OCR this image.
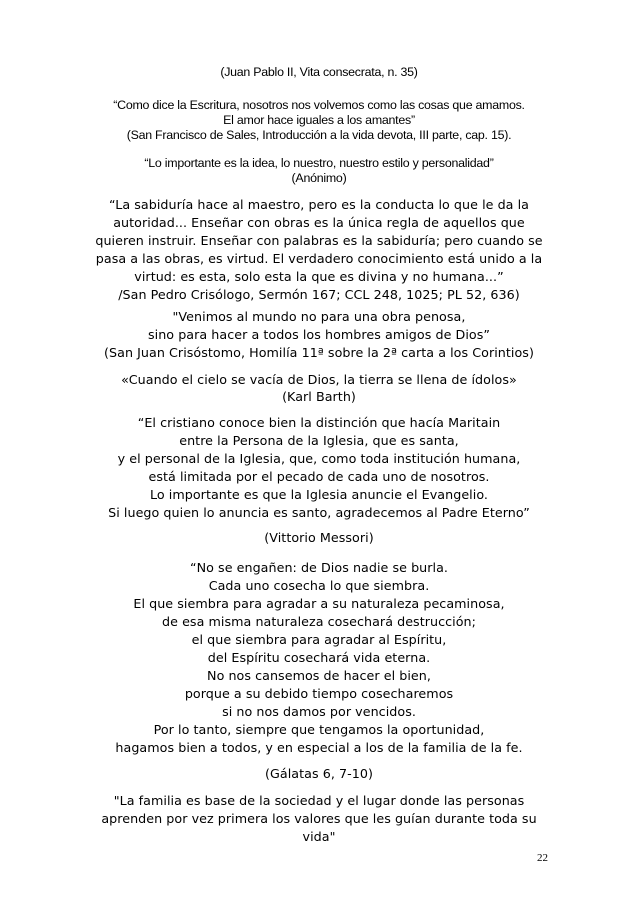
(Juan Pablo II, Vita consecrata, n. 35)
“Como dice la Escritura, nosotros nos volvemos como las cosas que amamos.
El amor hace iguales a los amantes”
(San Francisco de Sales, Introducción a la vida devota, III parte, cap. 15).
“Lo importante es la idea, lo nuestro, nuestro estilo y personalidad”
(Anónimo)
“La sabiduría hace al maestro, pero es la conducta lo que le da la
autoridad... Enseñar con obras es la única regla de aquellos que
quieren instruir. Enseñar con palabras es la sabiduría; pero cuando se
pasa a las obras, es virtud. El verdadero conocimiento está unido a la
virtud: es esta, solo esta la que es divina y no humana...”
/San Pedro Crisólogo, Sermón 167; CCL 248, 1025; PL 52, 636)
"Venimos al mundo no para una obra penosa,
sino para hacer a todos los hombres amigos de Dios”
(San Juan Crisóstomo, Homilía 11ª sobre la 2ª carta a los Corintios)
«Cuando el cielo se vacía de Dios, la tierra se llena de ídolos»
(Karl Barth)
“El cristiano conoce bien la distinción que hacía Maritain
entre la Persona de la Iglesia, que es santa,
y el personal de la Iglesia, que, como toda institución humana,
está limitada por el pecado de cada uno de nosotros.
Lo importante es que la Iglesia anuncie el Evangelio.
Si luego quien lo anuncia es santo, agradecemos al Padre Eterno”
(Vittorio Messori)
“No se engañen: de Dios nadie se burla.
Cada uno cosecha lo que siembra.
El que siembra para agradar a su naturaleza pecaminosa,
de esa misma naturaleza cosechará destrucción;
el que siembra para agradar al Espíritu,
del Espíritu cosechará vida eterna.
No nos cansemos de hacer el bien,
porque a su debido tiempo cosecharemos
si no nos damos por vencidos.
Por lo tanto, siempre que tengamos la oportunidad,
hagamos bien a todos, y en especial a los de la familia de la fe.
(Gálatas 6, 7-10)
"La familia es base de la sociedad y el lugar donde las personas
aprenden por vez primera los valores que les guían durante toda su
vida"
22
